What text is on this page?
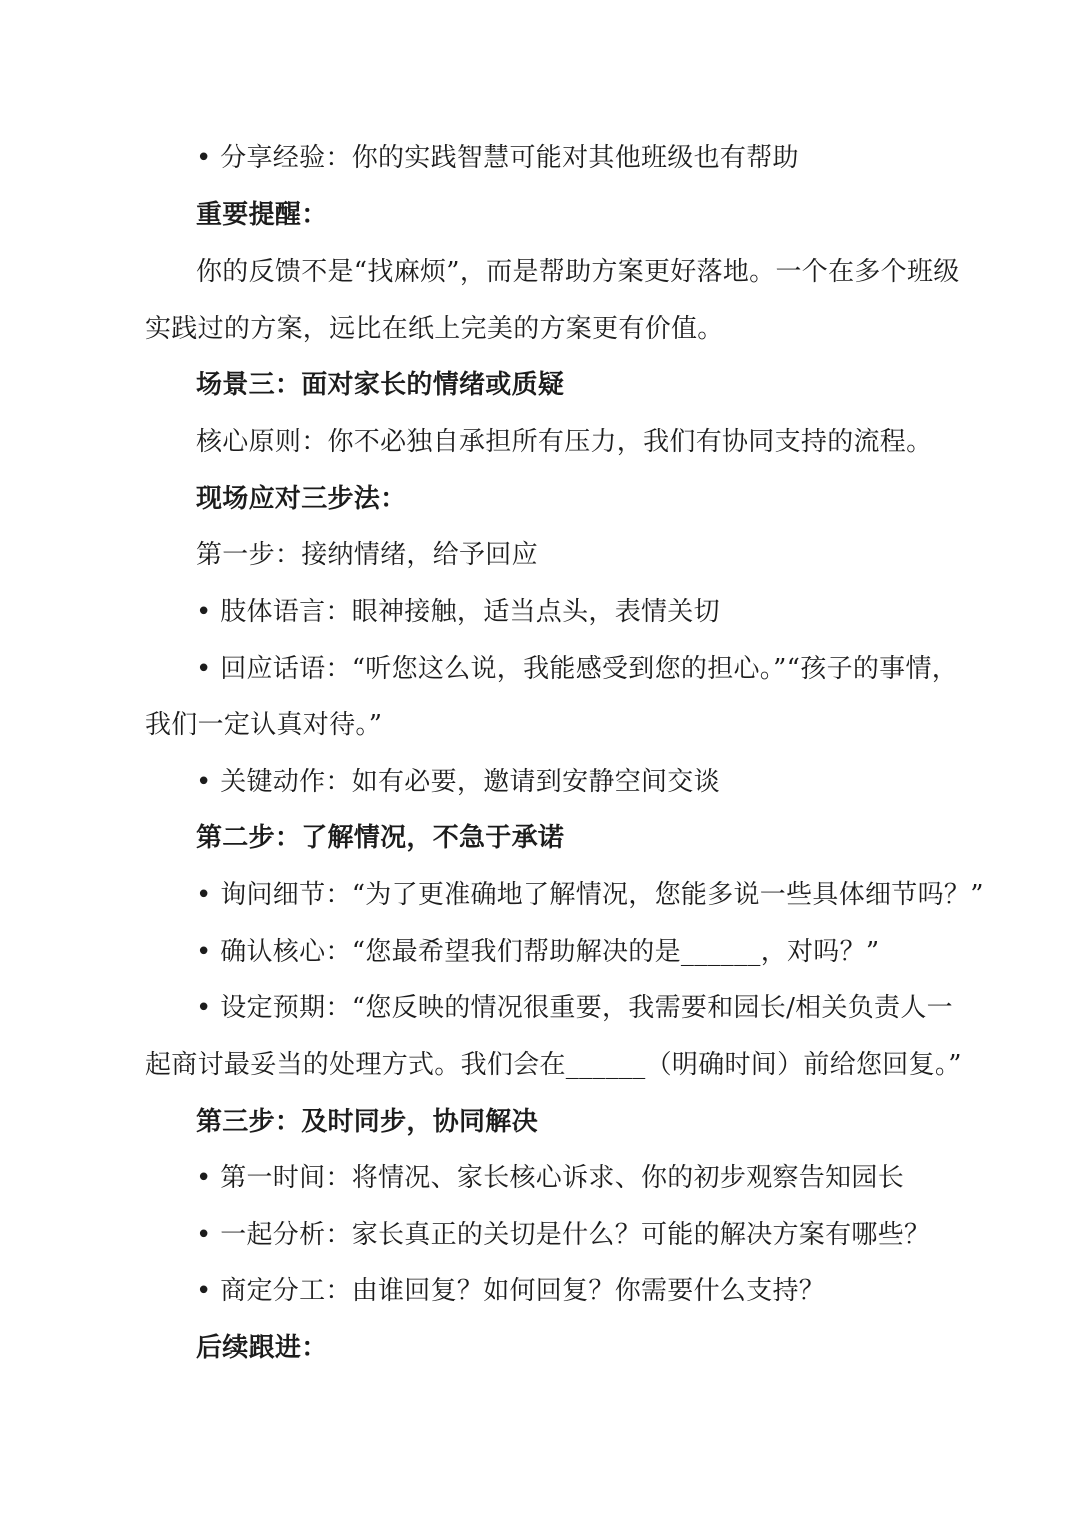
• 分享经验：你的实践智慧可能对其他班级也有帮助
重要提醒：
你的反馈不是“找麻烦”，而是帮助方案更好落地。一个在多个班级
实践过的方案，远比在纸上完美的方案更有价值。
场景三：面对家长的情绪或质疑
核心原则：你不必独自承担所有压力，我们有协同支持的流程。
现场应对三步法：
第一步：接纳情绪，给予回应
• 肢体语言：眼神接触，适当点头，表情关切
• 回应话语：“听您这么说，我能感受到您的担心。”“孩子的事情，
我们一定认真对待。”
• 关键动作：如有必要，邀请到安静空间交谈
第二步：了解情况，不急于承诺
• 询问细节：“为了更准确地了解情况，您能多说一些具体细节吗？”
• 确认核心：“您最希望我们帮助解决的是______，对吗？”
• 设定预期：“您反映的情况很重要，我需要和园长/相关负责人一
起商讨最妥当的处理方式。我们会在______（明确时间）前给您回复。”
第三步：及时同步，协同解决
• 第一时间：将情况、家长核心诉求、你的初步观察告知园长
• 一起分析：家长真正的关切是什么？可能的解决方案有哪些？
• 商定分工：由谁回复？如何回复？你需要什么支持？
后续跟进：
